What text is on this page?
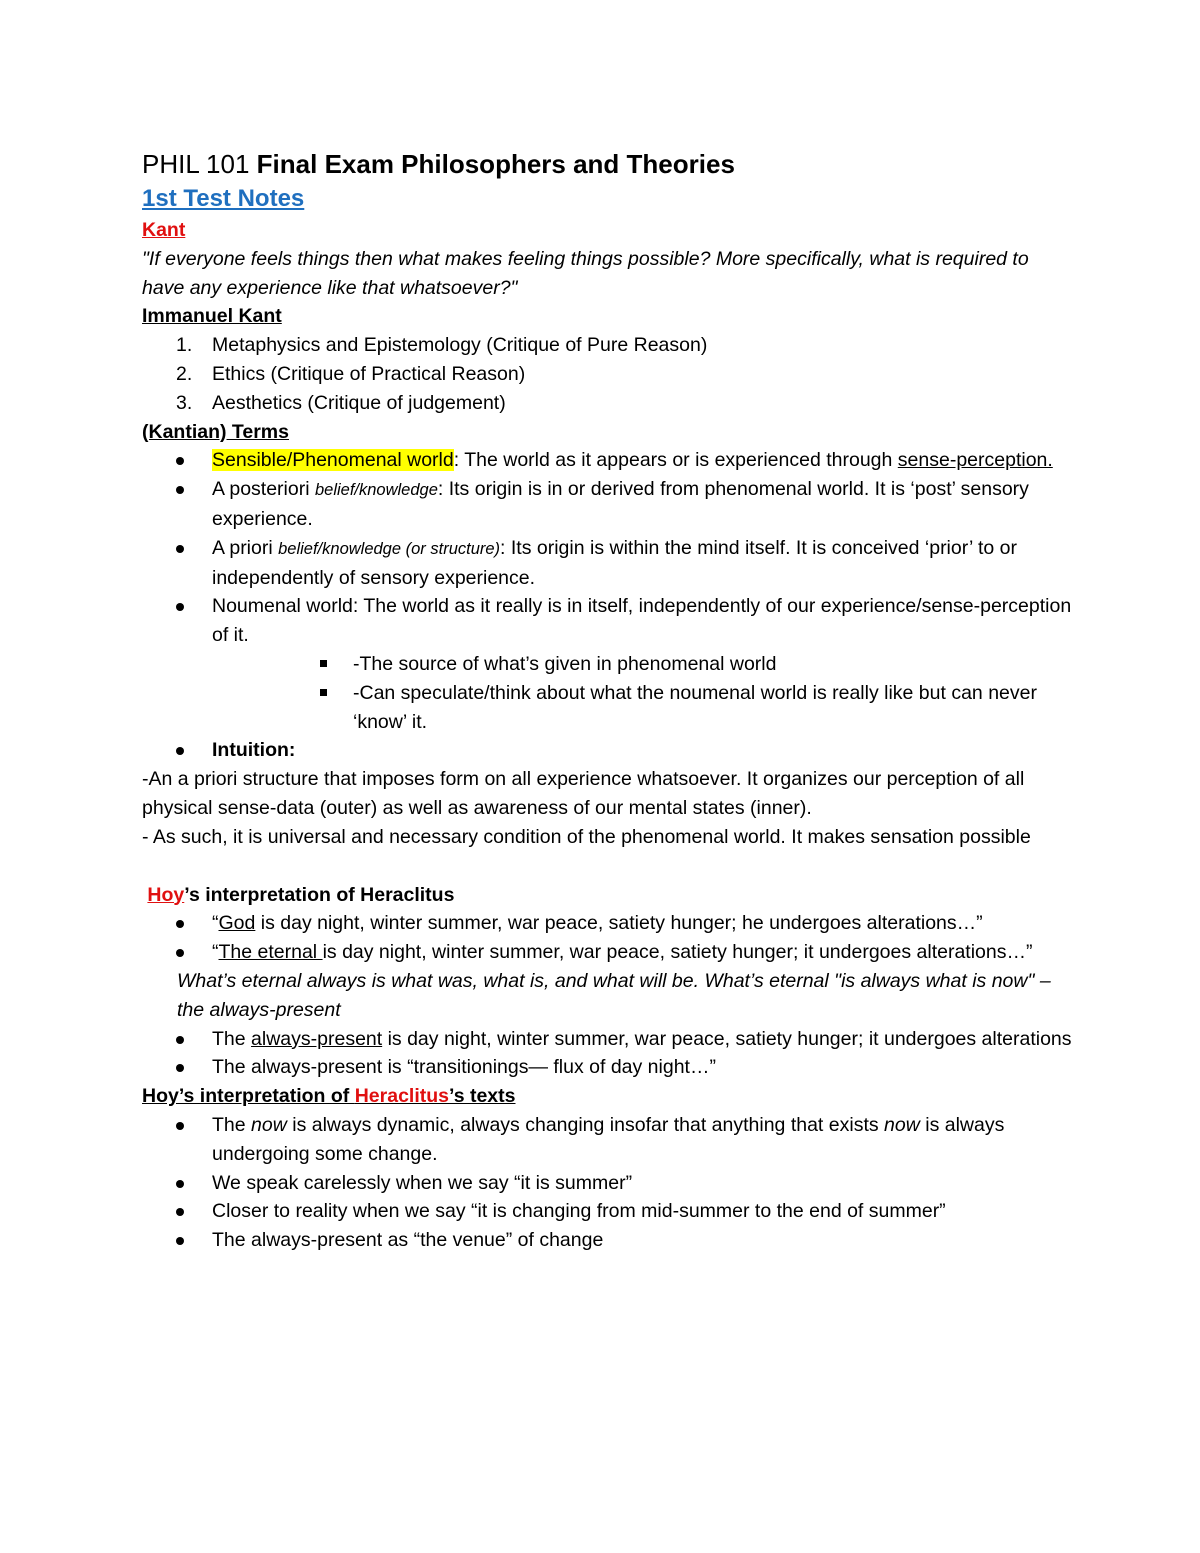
PHIL 101 Final Exam Philosophers and Theories
1st Test Notes

Kant

"If everyone feels things then what makes feeling things possible? More specifically, what is required to have any experience like that whatsoever?"

Immanuel Kant

1. Metaphysics and Epistemology (Critique of Pure Reason)
2. Ethics (Critique of Practical Reason)
3. Aesthetics (Critique of judgement)

(Kantian) Terms

Sensible/Phenomenal world: The world as it appears or is experienced through sense-perception.
A posteriori belief/knowledge: Its origin is in or derived from phenomenal world. It is ‘post’ sensory experience.
A priori belief/knowledge (or structure): Its origin is within the mind itself. It is conceived ‘prior’ to or independently of sensory experience.
Noumenal world: The world as it really is in itself, independently of our experience/sense-perception of it.
-The source of what’s given in phenomenal world
-Can speculate/think about what the noumenal world is really like but can never ‘know’ it.
Intuition:

-An a priori structure that imposes form on all experience whatsoever. It organizes our perception of all physical sense-data (outer) as well as awareness of our mental states (inner).

- As such, it is universal and necessary condition of the phenomenal world. It makes sensation possible

Hoy’s interpretation of Heraclitus

“God is day night, winter summer, war peace, satiety hunger; he undergoes alterations…”
“The eternal is day night, winter summer, war peace, satiety hunger; it undergoes alterations…”

What’s eternal always is what was, what is, and what will be. What’s eternal "is always what is now" –the always-present

The always-present is day night, winter summer, war peace, satiety hunger; it undergoes alterations
The always-present is “transitionings— flux of day night…”

Hoy’s interpretation of Heraclitus’s texts

The now is always dynamic, always changing insofar that anything that exists now is always undergoing some change.
We speak carelessly when we say “it is summer”
Closer to reality when we say “it is changing from mid-summer to the end of summer”
The always-present as “the venue” of change
